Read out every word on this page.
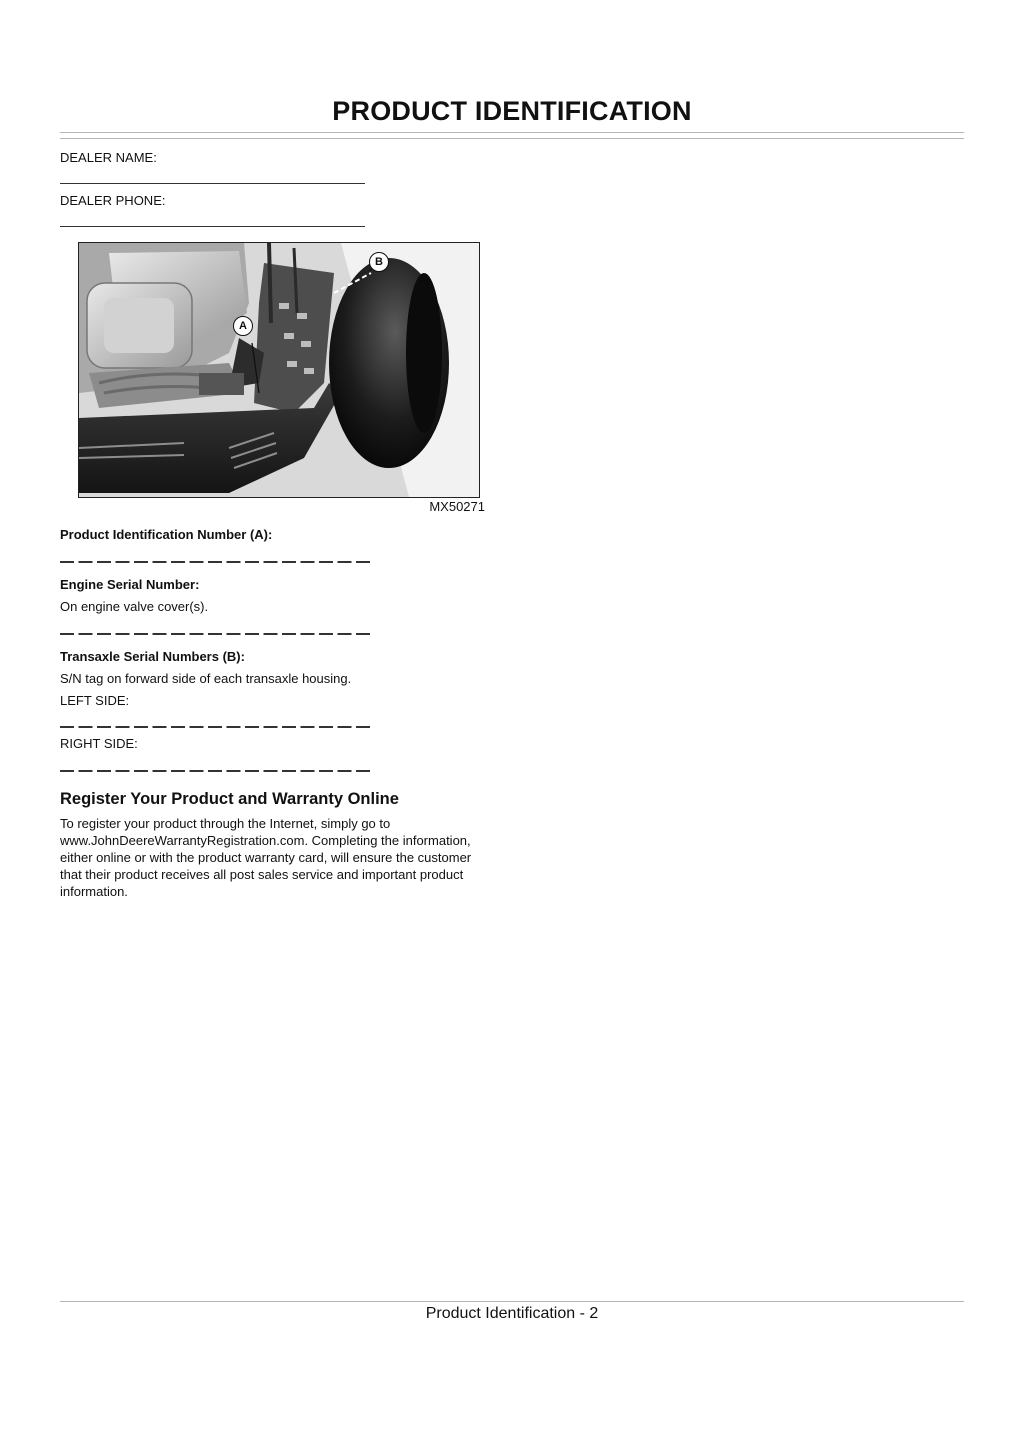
PRODUCT IDENTIFICATION
DEALER NAME:
DEALER PHONE:
A
B
MX50271
Product Identification Number (A):
Engine Serial Number:
On engine valve cover(s).
Transaxle Serial Numbers (B):
S/N tag on forward side of each transaxle housing.
LEFT SIDE:
RIGHT SIDE:
Register Your Product and Warranty Online
To register your product through the Internet, simply go to www.JohnDeereWarrantyRegistration.com. Completing the information, either online or with the product warranty card, will ensure the customer that their product receives all post sales service and important product information.
Product Identification - 2
